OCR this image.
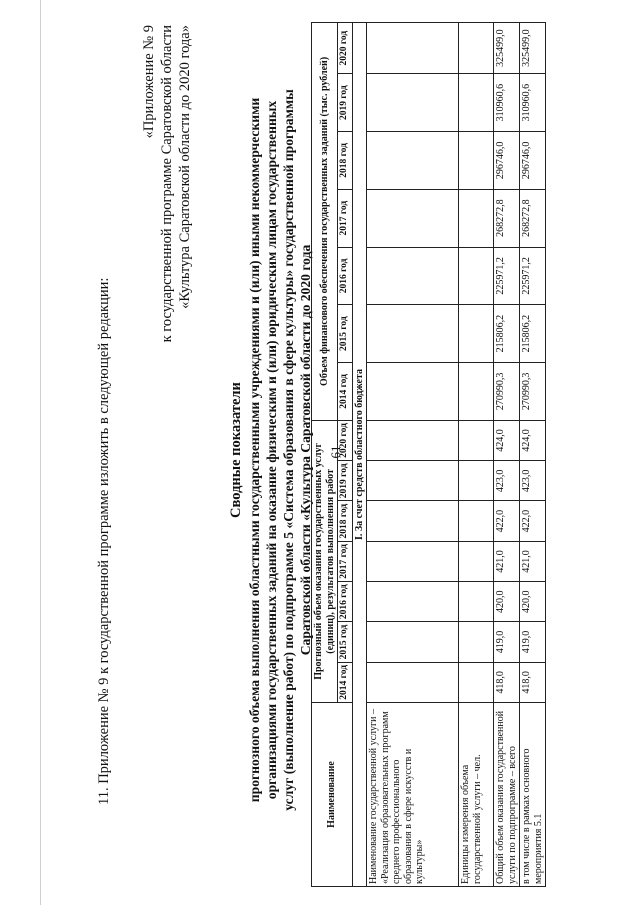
61
11. Приложение № 9 к государственной программе изложить в следующей редакции:
«Приложение № 9 к государственной программе Саратовской области «Культура Саратовской области до 2020 года»
Сводные показатели прогнозного объема выполнения областными государственными учреждениями и (или) иными некоммерческими организациями государственных заданий на оказание физическим и (или) юридическим лицам государственных услуг (выполнение работ) по подпрограмме 5 «Система образования в сфере культуры» государственной программы Саратовской области «Культура Саратовской области до 2020 года
Наименование	Прогнозный объем оказания государственных услуг (единиц), результатов выполнения работ							Объем финансового обеспечения государственных заданий (тыс. рублей)						
	2014 год	2015 год	2016 год	2017 год	2018 год	2019 год	2020 год	2014 год	2015 год	2016 год	2017 год	2018 год	2019 год	2020 год
I. За счет средств областного бюджета														
Наименование государственной услуги – «Реализация образовательных программ среднего профессионального образования в сфере искусств и культуры»														
Единицы измерения объема государственной услуги – чел.														
Общий объем оказания государственной услуги по подпрограмме – всего	418,0	419,0	420,0	421,0	422,0	423,0	424,0	270990,3	215806,2	225971,2	268272,8	296746,0	310960,6	325499,0
в том числе в рамках основного мероприятия 5.1	418,0	419,0	420,0	421,0	422,0	423,0	424,0	270990,3	215806,2	225971,2	268272,8	296746,0	310960,6	325499,0
